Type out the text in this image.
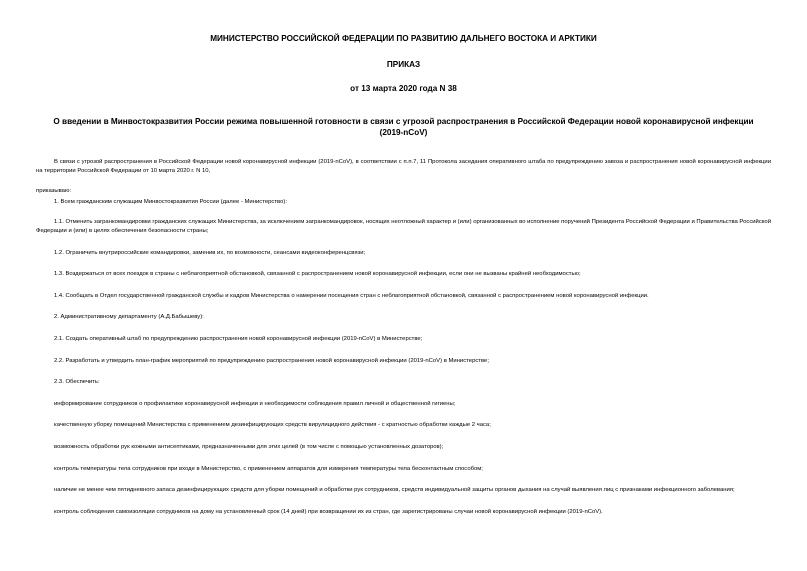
МИНИСТЕРСТВО РОССИЙСКОЙ ФЕДЕРАЦИИ ПО РАЗВИТИЮ ДАЛЬНЕГО ВОСТОКА И АРКТИКИ

ПРИКАЗ

от 13 марта 2020 года N 38

О введении в Минвостокразвития России режима повышенной готовности в связи с угрозой распространения в Российской Федерации новой коронавирусной инфекции (2019-nCoV)

В связи с угрозой распространения в Российской Федерации новой коронавирусной инфекции (2019-nCoV), в соответствии с п.п.7, 11 Протокола заседания оперативного штаба по предупреждению завоза и распространения новой коронавирусной инфекции на территории Российской Федерации от 10 марта 2020 г. N 10,

приказываю:

1. Всем гражданским служащим Минвостокразвития России (далее - Министерство):

1.1. Отменить загранкомандировки гражданских служащих Министерства, за исключением загранкомандировок, носящих неотложный характер и (или) организованных во исполнение поручений Президента Российской Федерации и Правительства Российской Федерации и (или) в целях обеспечения безопасности страны;

1.2. Ограничить внутрироссийские командировки, заменив их, по возможности, сеансами видеоконференцсвязи;

1.3. Воздержаться от всех поездок в страны с неблагоприятной обстановкой, связанной с распространением новой коронавирусной инфекции, если они не вызваны крайней необходимостью;

1.4. Сообщать в Отдел государственной гражданской службы и кадров Министерства о намерении посещения стран с неблагоприятной обстановкой, связанной с распространением новой коронавирусной инфекции.

2. Административному департаменту (А.Д.Бабышеву):

2.1. Создать оперативный штаб по предупреждению распространения новой коронавирусной инфекции (2019-nCoV) в Министерстве;

2.2. Разработать и утвердить план-график мероприятий по предупреждению распространения новой коронавирусной инфекции (2019-nCoV) в Министерстве;

2.3. Обеспечить:

информирование сотрудников о профилактике коронавирусной инфекции и необходимости соблюдения правил личной и общественной гигиены;

качественную уборку помещений Министерства с применением дезинфицирующих средств вирулицидного действия - с кратностью обработки каждые 2 часа;

возможность обработки рук кожными антисептиками, предназначенными для этих целей (в том числе с помощью установленных дозаторов);

контроль температуры тела сотрудников при входе в Министерство, с применением аппаратов для измерения температуры тела бесконтактным способом;

наличие не менее чем пятидневного запаса дезинфицирующих средств для уборки помещений и обработки рук сотрудников, средств индивидуальной защиты органов дыхания на случай выявления лиц с признаками инфекционного заболевания;

контроль соблюдения самоизоляции сотрудников на дому на установленный срок (14 дней) при возвращении их из стран, где зарегистрированы случаи новой коронавирусной инфекции (2019-nCoV).
